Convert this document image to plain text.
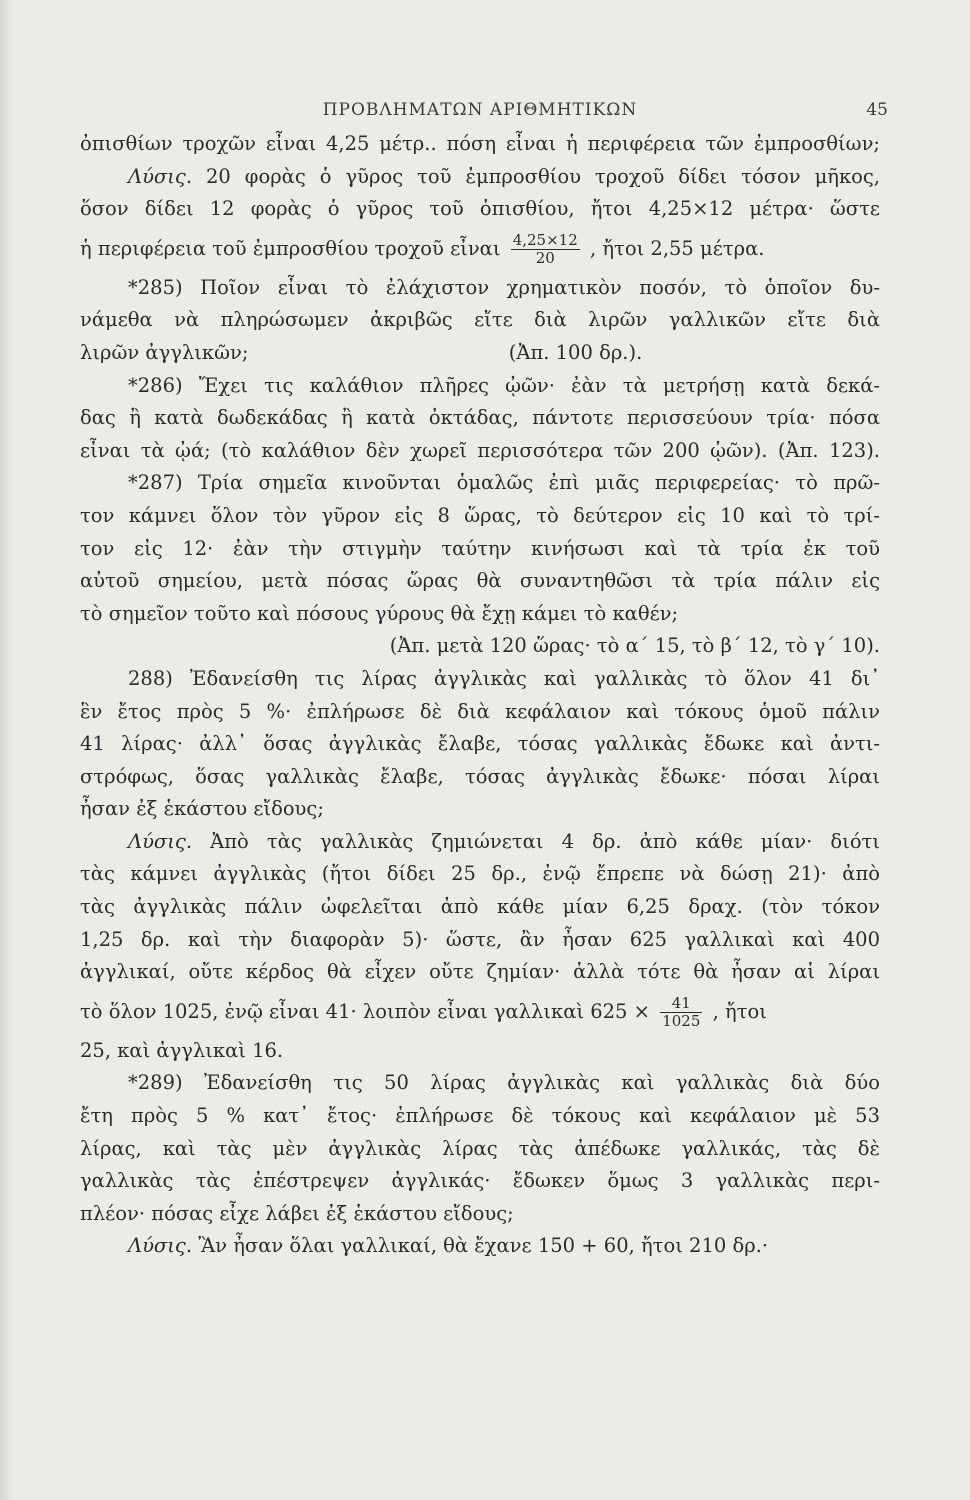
ΠΡΟΒΛΗΜΑΤΩΝ ΑΡΙΘΜΗΤΙΚΩΝ	45
ὀπισθίων τροχῶν εἶναι 4,25 μέτρ.. πόση εἶναι ἡ περιφέρεια τῶν ἐμπροσθίων;
Λύσις. 20 φορὰς ὁ γῦρος τοῦ ἐμπροσθίου τροχοῦ δίδει τόσον μῆκος,
ὅσον δίδει 12 φορὰς ὁ γῦρος τοῦ ὀπισθίου, ἤτοι 4,25×12 μέτρα· ὥστε
ἡ περιφέρεια τοῦ ἐμπροσθίου τροχοῦ εἶναι $\frac{4,25\times 12}{20}$ , ἤτοι 2,55 μέτρα.
*285) Ποῖον εἶναι τὸ ἐλάχιστον χρηματικὸν ποσόν, τὸ ὁποῖον δυ-
νάμεθα νὰ πληρώσωμεν ἀκριβῶς εἴτε διὰ λιρῶν γαλλικῶν εἴτε διὰ
λιρῶν ἀγγλικῶν;                                          (Ἀπ. 100 δρ.).
*286) Ἔχει τις καλάθιον πλῆρες ᾠῶν· ἐὰν τὰ μετρήσῃ κατὰ δεκά-
δας ἢ κατὰ δωδεκάδας ἢ κατὰ ὀκτάδας, πάντοτε περισσεύουν τρία· πόσα
εἶναι τὰ ᾠά; (τὸ καλάθιον δὲν χωρεῖ περισσότερα τῶν 200 ᾠῶν). (Ἀπ. 123).
*287) Τρία σημεῖα κινοῦνται ὁμαλῶς ἐπὶ μιᾶς περιφερείας· τὸ πρῶ-
τον κάμνει ὅλον τὸν γῦρον εἰς 8 ὥρας, τὸ δεύτερον εἰς 10 καὶ τὸ τρί-
τον εἰς 12· ἐὰν τὴν στιγμὴν ταύτην κινήσωσι καὶ τὰ τρία ἐκ τοῦ
αὐτοῦ σημείου, μετὰ πόσας ὥρας θὰ συναντηθῶσι τὰ τρία πάλιν εἰς
τὸ σημεῖον τοῦτο καὶ πόσους γύρους θὰ ἔχῃ κάμει τὸ καθέν;
(Ἀπ. μετὰ 120 ὥρας· τὸ α΄ 15, τὸ β΄ 12, τὸ γ΄ 10).
288) Ἐδανείσθη τις λίρας ἀγγλικὰς καὶ γαλλικὰς τὸ ὅλον 41 δι᾽
ἓν ἔτος πρὸς 5 %· ἐπλήρωσε δὲ διὰ κεφάλαιον καὶ τόκους ὁμοῦ πάλιν
41 λίρας· ἀλλ᾽ ὅσας ἀγγλικὰς ἔλαβε, τόσας γαλλικὰς ἔδωκε καὶ ἀντι-
στρόφως, ὅσας γαλλικὰς ἔλαβε, τόσας ἀγγλικὰς ἔδωκε· πόσαι λίραι
ἦσαν ἐξ ἑκάστου εἴδους;
Λύσις. Ἀπὸ τὰς γαλλικὰς ζημιώνεται 4 δρ. ἀπὸ κάθε μίαν· διότι
τὰς κάμνει ἀγγλικὰς (ἤτοι δίδει 25 δρ., ἐνῷ ἔπρεπε νὰ δώσῃ 21)· ἀπὸ
τὰς ἀγγλικὰς πάλιν ὠφελεῖται ἀπὸ κάθε μίαν 6,25 δραχ. (τὸν τόκον
1,25 δρ. καὶ τὴν διαφορὰν 5)· ὥστε, ἂν ἦσαν 625 γαλλικαὶ καὶ 400
ἀγγλικαί, οὔτε κέρδος θὰ εἶχεν οὔτε ζημίαν· ἀλλὰ τότε θὰ ἦσαν αἱ λίραι
τὸ ὅλον 1025, ἐνῷ εἶναι 41· λοιπὸν εἶναι γαλλικαὶ $625 \times \frac{41}{1025}$ , ἤτοι
25, καὶ ἀγγλικαὶ 16.
*289) Ἐδανείσθη τις 50 λίρας ἀγγλικὰς καὶ γαλλικὰς διὰ δύο
ἔτη πρὸς 5 % κατ᾽ ἔτος· ἐπλήρωσε δὲ τόκους καὶ κεφάλαιον μὲ 53
λίρας, καὶ τὰς μὲν ἀγγλικὰς λίρας τὰς ἀπέδωκε γαλλικάς, τὰς δὲ
γαλλικὰς τὰς ἐπέστρεψεν ἀγγλικάς· ἔδωκεν ὅμως 3 γαλλικὰς περι-
πλέον· πόσας εἶχε λάβει ἐξ ἑκάστου εἴδους;
Λύσις. Ἂν ἦσαν ὅλαι γαλλικαί, θὰ ἔχανε 150 + 60, ἤτοι 210 δρ.·
